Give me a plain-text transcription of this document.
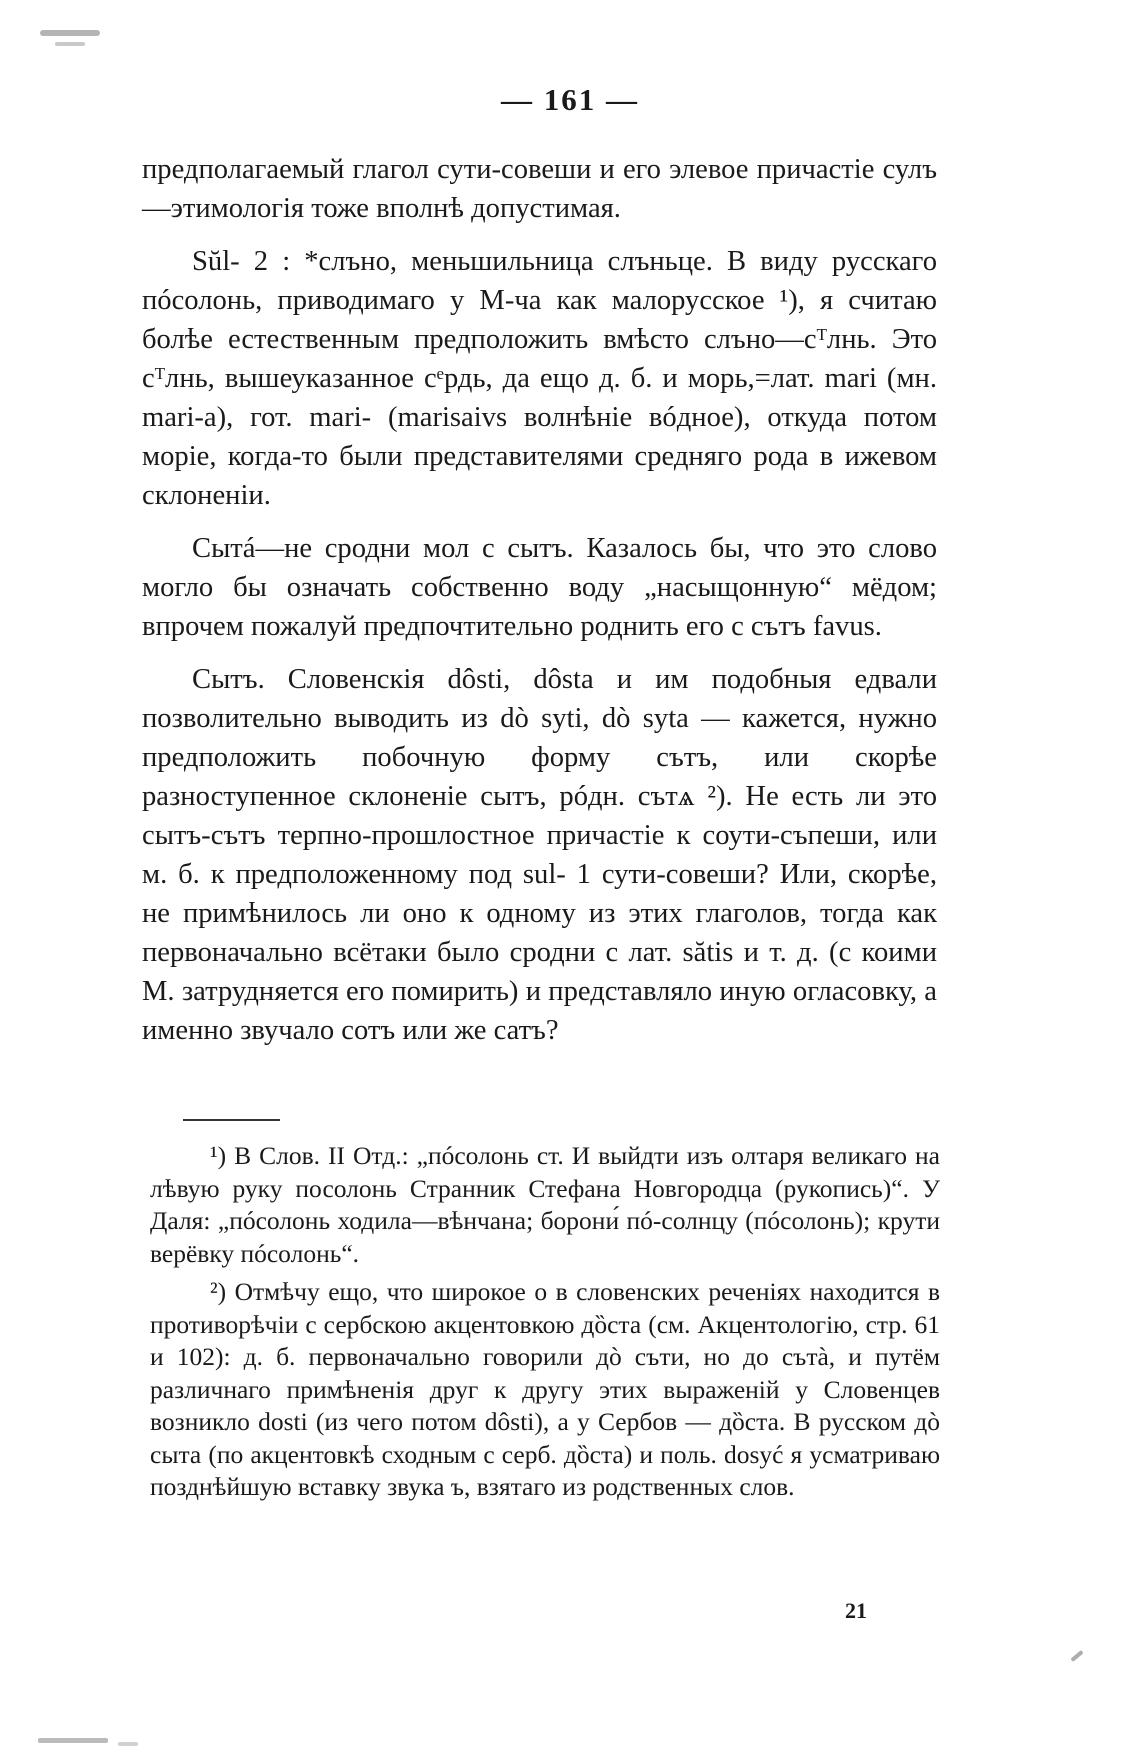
— 161 —

предполагаемый глагол сути-совеши и его элевое причастіе сулъ—этимологія тоже вполнѣ допустимая.

Sŭl- 2 : *слъно, меньшильница слъньце. В виду русскаго пóсолонь, приводимаго у М-ча как малорусское ¹), я считаю болѣе естественным предположить вмѣсто слъно—сᵀлнь. Это сᵀлнь, вышеуказанное сᵉрдь, да ещо д. б. и морь,=лат. mari (мн. mari-a), гот. mari- (marisaivs волнѣніе вóдное), откуда потом моріе, когда-то были представителями средняго рода в ижевом склоненіи.

Сытá—не сродни мол с сытъ. Казалось бы, что это слово могло бы означать собственно воду „насыщонную“ мёдом; впрочем пожалуй предпочтительно роднить его с сътъ favus.

Сытъ. Словенскія dôsti, dôsta и им подобныя едвали позволительно выводить из dò syti, dò syta — кажется, нужно предположить побочную форму сътъ, или скорѣе разноступенное склоненіе сытъ, рóдн. сътѧ ²). Не есть ли это сытъ-сътъ терпно-прошлостное причастіе к соути-съпеши, или м. б. к предположенному под sul- 1 сути-совеши? Или, скорѣе, не примѣнилось ли оно к одному из этих глаголов, тогда как первоначально всётаки было сродни с лат. sătis и т. д. (с коими М. затрудняется его помирить) и представляло иную огласовку, а именно звучало сотъ или же сатъ?

¹) В Слов. II Отд.: „пóсолонь ст. И выйдти изъ олтаря великаго на лѣвую руку посолонь Странник Стефана Новгородца (рукопись)“. У Даля: „пóсолонь ходила—вѣнчана; борони́ пó-солнцу (пóсолонь); крути верёвку пóсолонь“.

²) Отмѣчу ещо, что широкое o в словенских реченіях находится в противорѣчіи с сербскою акцентовкою дȍста (см. Акцентологію, стр. 61 и 102): д. б. первоначально говорили дò съти, но до сътà, и путём различнаго примѣненія друг к другу этих выраженій у Словенцев возникло dosti (из чего потом dôsti), а у Сербов — дȍста. В русском дò сыта (по акцентовкѣ сходным с серб. дȍста) и поль. dosyć я усматриваю позднѣйшую вставку звука ъ, взятаго из родственных слов.

21
